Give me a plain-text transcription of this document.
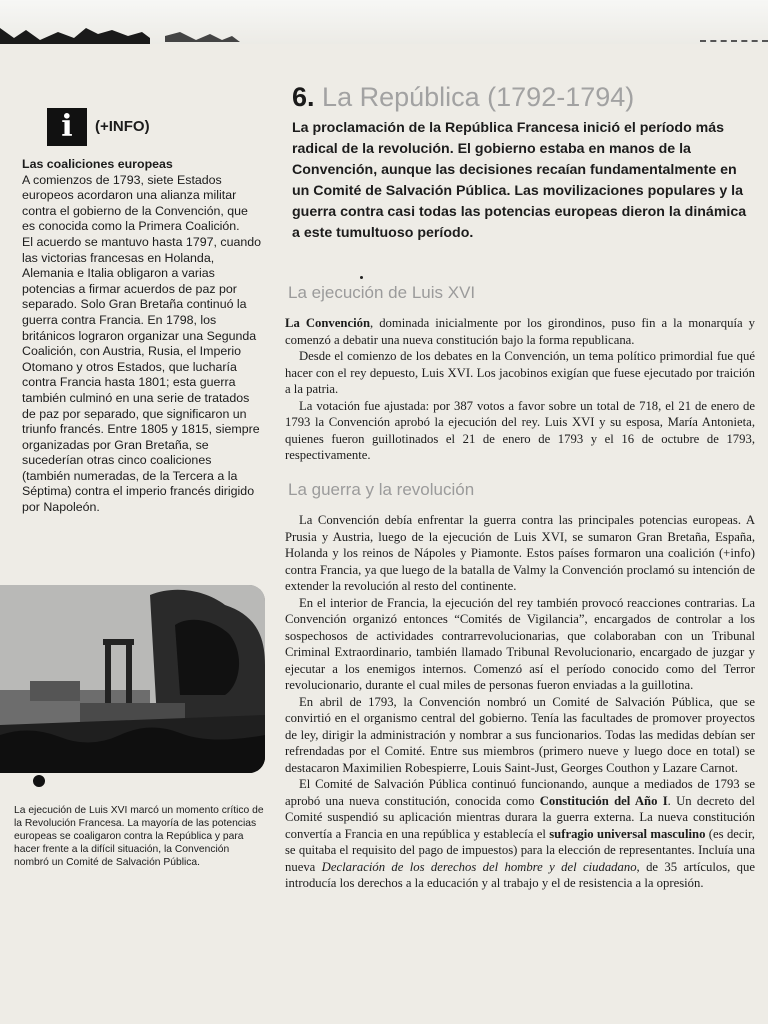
i	(+INFO)
Las coaliciones europeas

A comienzos de 1793, siete Estados europeos acordaron una alianza militar contra el gobierno de la Convención, que es conocida como la Primera Coalición.

El acuerdo se mantuvo hasta 1797, cuando las victorias francesas en Holanda, Alemania e Italia obligaron a varias potencias a firmar acuerdos de paz por separado. Solo Gran Bretaña continuó la guerra contra Francia. En 1798, los británicos lograron organizar una Segunda Coalición, con Austria, Rusia, el Imperio Otomano y otros Estados, que lucharía contra Francia hasta 1801; esta guerra también culminó en una serie de tratados de paz por separado, que significaron un triunfo francés. Entre 1805 y 1815, siempre organizadas por Gran Bretaña, se sucederían otras cinco coaliciones (también numeradas, de la Tercera a la Séptima) contra el imperio francés dirigido por Napoleón.

La ejecución de Luis XVI marcó un momento crítico de la Revolución Francesa. La mayoría de las potencias europeas se coaligaron contra la República y para hacer frente a la difícil situación, la Convención nombró un Comité de Salvación Pública.
6. La República (1792-1794)
La proclamación de la República Francesa inició el período más radical de la revolución. El gobierno estaba en manos de la Convención, aunque las decisiones recaían fundamentalmente en un Comité de Salvación Pública. Las movilizaciones populares y la guerra contra casi todas las potencias europeas dieron la dinámica a este tumultuoso período.
La ejecución de Luis XVI

La Convención, dominada inicialmente por los girondinos, puso fin a la monarquía y comenzó a debatir una nueva constitución bajo la forma republicana.

Desde el comienzo de los debates en la Convención, un tema político primordial fue qué hacer con el rey depuesto, Luis XVI. Los jacobinos exigían que fuese ejecutado por traición a la patria.

La votación fue ajustada: por 387 votos a favor sobre un total de 718, el 21 de enero de 1793 la Convención aprobó la ejecución del rey. Luis XVI y su esposa, María Antonieta, quienes fueron guillotinados el 21 de enero de 1793 y el 16 de octubre de 1793, respectivamente.

La guerra y la revolución

La Convención debía enfrentar la guerra contra las principales potencias europeas. A Prusia y Austria, luego de la ejecución de Luis XVI, se sumaron Gran Bretaña, España, Holanda y los reinos de Nápoles y Piamonte. Estos países formaron una coalición (+info) contra Francia, ya que luego de la batalla de Valmy la Convención proclamó su intención de extender la revolución al resto del continente.

En el interior de Francia, la ejecución del rey también provocó reacciones contrarias. La Convención organizó entonces “Comités de Vigilancia”, encargados de controlar a los sospechosos de actividades contrarrevolucionarias, que colaboraban con un Tribunal Criminal Extraordinario, también llamado Tribunal Revolucionario, encargado de juzgar y ejecutar a los enemigos internos. Comenzó así el período conocido como del Terror revolucionario, durante el cual miles de personas fueron enviadas a la guillotina.

En abril de 1793, la Convención nombró un Comité de Salvación Pública, que se convirtió en el organismo central del gobierno. Tenía las facultades de promover proyectos de ley, dirigir la administración y nombrar a sus funcionarios. Todas las medidas debían ser refrendadas por el Comité. Entre sus miembros (primero nueve y luego doce en total) se destacaron Maximilien Robespierre, Louis Saint-Just, Georges Couthon y Lazare Carnot.

El Comité de Salvación Pública continuó funcionando, aunque a mediados de 1793 se aprobó una nueva constitución, conocida como Constitución del Año I. Un decreto del Comité suspendió su aplicación mientras durara la guerra externa. La nueva constitución convertía a Francia en una república y establecía el sufragio universal masculino (es decir, se quitaba el requisito del pago de impuestos) para la elección de representantes. Incluía una nueva Declaración de los derechos del hombre y del ciudadano, de 35 artículos, que introducía los derechos a la educación y al trabajo y el de resistencia a la opresión.
